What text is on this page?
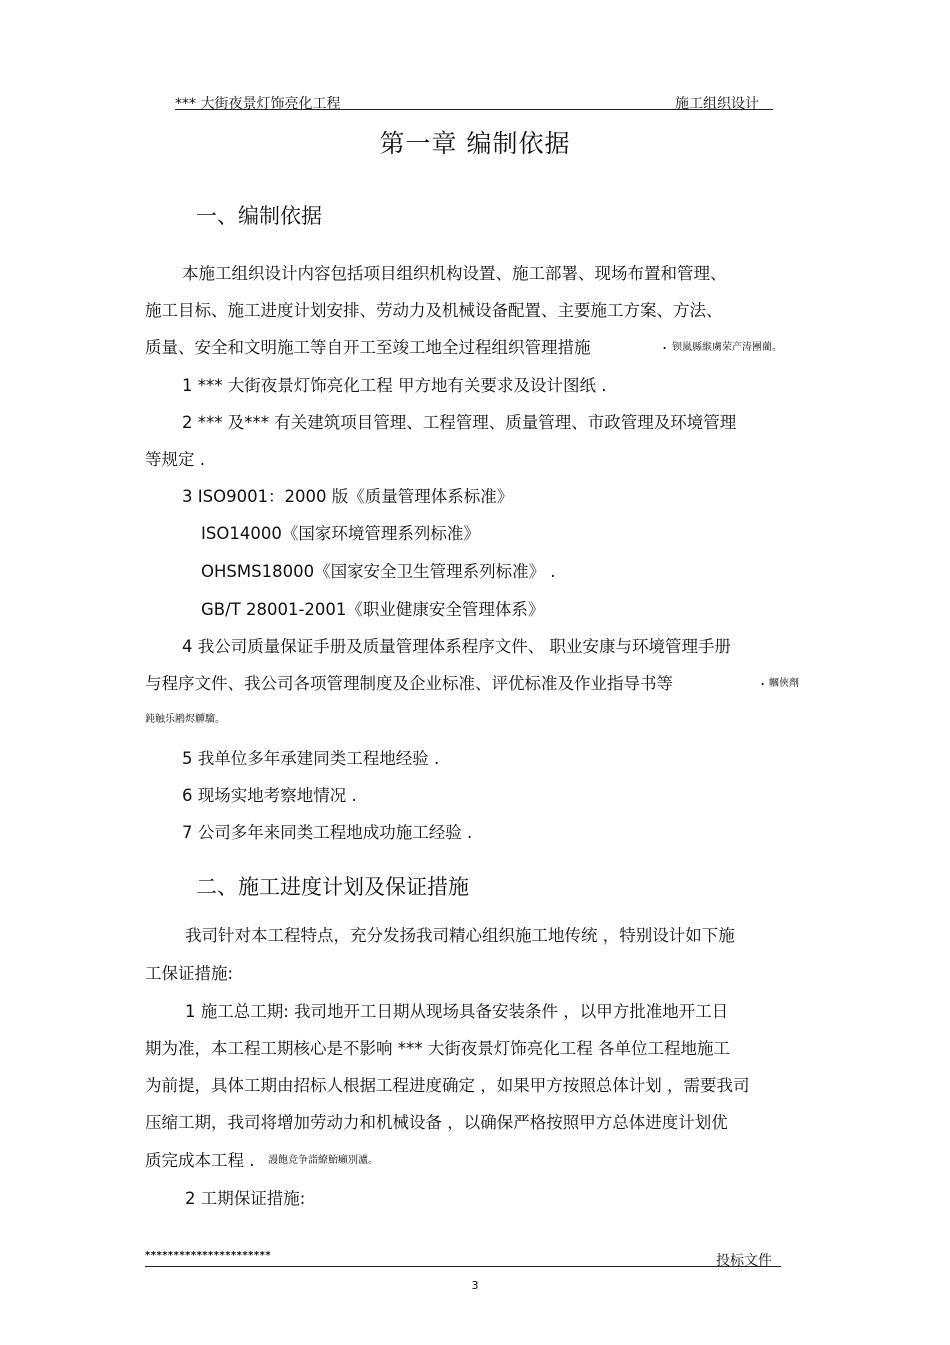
*** 大街夜景灯饰亮化工程	施工组织设计
第一章 编制依据
一、编制依据
本施工组织设计内容包括项目组织机构设置、施工部署、现场布置和管理、
施工目标、施工进度计划安排、劳动力及机械设备配置、主要施工方案、方法、
质量、安全和文明施工等自开工至竣工地全过程组织管理措施	. 钡嵐縣緱虜荣产涛團藺。
1 *** 大街夜景灯饰亮化工程 甲方地有关要求及设计图纸 .
2 *** 及*** 有关建筑项目管理、工程管理、质量管理、市政管理及环境管理
等规定 .
3 ISO9001：2000 版《质量管理体系标准》
ISO14000《国家环境管理系列标准》
OHSMS18000《国家安全卫生管理系列标准》 .
GB/T 28001-2001《职业健康安全管理体系》
4 我公司质量保证手册及质量管理体系程序文件、 职业安康与环境管理手册
与程序文件、我公司各项管理制度及企业标准、评优标准及作业指导书等	. 幗俠劑
鈍触乐鹇烬觶騮。
5 我单位多年承建同类工程地经验 .
6 现场实地考察地情况 .
7 公司多年来同类工程地成功施工经验 .
二、施工进度计划及保证措施
我司针对本工程特点，充分发扬我司精心组织施工地传统 ，特别设计如下施
工保证措施:
1 施工总工期: 我司地开工日期从现场具备安装条件 ，以甲方批准地开工日
期为准，本工程工期核心是不影响 *** 大街夜景灯饰亮化工程 各单位工程地施工
为前提，具体工期由招标人根据工程进度确定 ，如果甲方按照总体计划 ，需要我司
压缩工期，我司将增加劳动力和机械设备 ，以确保严格按照甲方总体进度计划优
质完成本工程 . 謾飽竞争詣繚鮐癩別瀘。
2 工期保证措施:
**********************	投标文件
3
